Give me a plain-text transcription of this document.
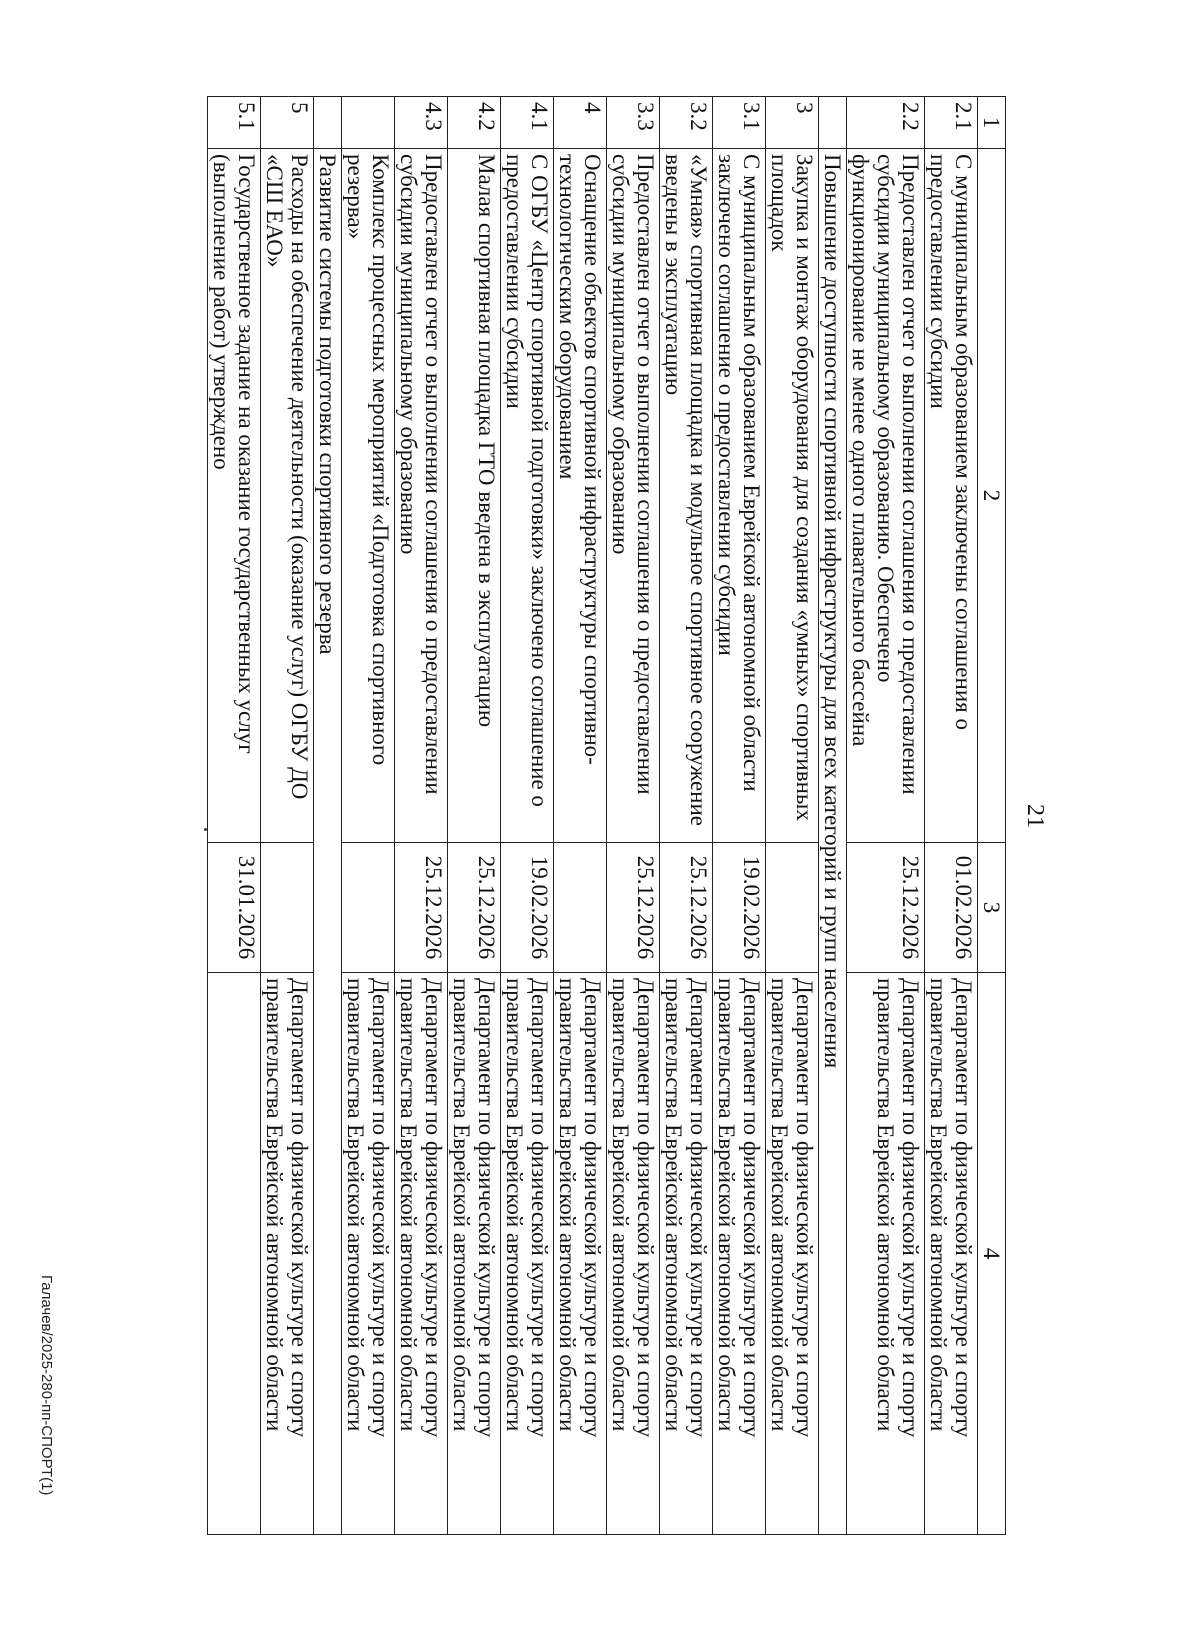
21
1	2	3	4
2.1	С муниципальным образованием заключены соглашения о предоставлении субсидии	01.02.2026	Департамент по физической культуре и спорту правительства Еврейской автономной области
2.2	Предоставлен отчет о выполнении соглашения о предоставлении субсидии муниципальному образованию. Обеспечено функционирование не менее одного плавательного бассейна	25.12.2026	Департамент по физической культуре и спорту правительства Еврейской автономной области
	Повышение доступности спортивной инфраструктуры для всех категорий и групп населения		
3	Закупка и монтаж оборудования для создания «умных» спортивных площадок		Департамент по физической культуре и спорту правительства Еврейской автономной области
3.1	С муниципальным образованием Еврейской автономной области заключено соглашение о предоставлении субсидии	19.02.2026	Департамент по физической культуре и спорту правительства Еврейской автономной области
3.2	«Умная» спортивная площадка и модульное спортивное сооружение введены в эксплуатацию	25.12.2026	Департамент по физической культуре и спорту правительства Еврейской автономной области
3.3	Предоставлен отчет о выполнении соглашения о предоставлении субсидии муниципальному образованию	25.12.2026	Департамент по физической культуре и спорту правительства Еврейской автономной области
4	Оснащение объектов спортивной инфраструктуры спортивно-технологическим оборудованием		Департамент по физической культуре и спорту правительства Еврейской автономной области
4.1	С ОГБУ «Центр спортивной подготовки» заключено соглашение о предоставлении субсидии	19.02.2026	Департамент по физической культуре и спорту правительства Еврейской автономной области
4.2	Малая спортивная площадка ГТО введена в эксплуатацию	25.12.2026	Департамент по физической культуре и спорту правительства Еврейской автономной области
4.3	Предоставлен отчет о выполнении соглашения о предоставлении субсидии муниципальному образованию	25.12.2026	Департамент по физической культуре и спорту правительства Еврейской автономной области
	Комплекс процессных мероприятий «Подготовка спортивного резерва»		Департамент по физической культуре и спорту правительства Еврейской автономной области
	Развитие системы подготовки спортивного резерва		
5	Расходы на обеспечение деятельности (оказание услуг) ОГБУ ДО «СШ ЕАО»		Департамент по физической культуре и спорту правительства Еврейской автономной области
5.1	Государственное задание на оказание государственных услуг (выполнение работ) утверждено	31.01.2026	
Галачев/2025-280-пп-СПОРТ(1)
